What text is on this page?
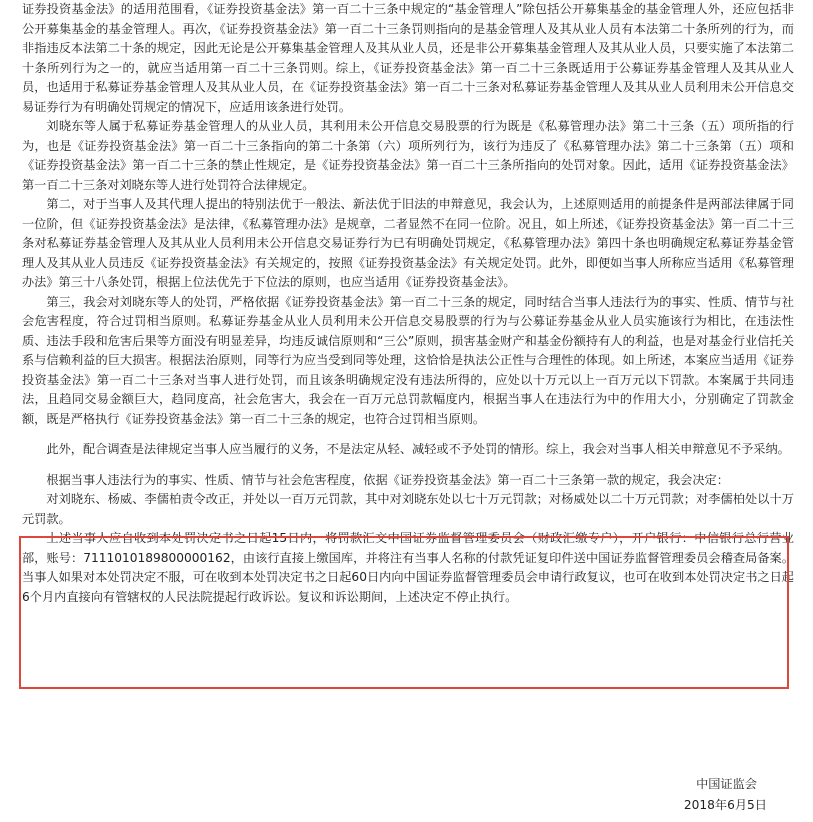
证券投资基金法》的适用范围看，《证券投资基金法》第一百二十三条中规定的“基金管理人”除包括公开募集基金的基金管理人外，还应包括非公开募集基金的基金管理人。再次，《证券投资基金法》第一百二十三条罚则指向的是基金管理人及其从业人员有本法第二十条所列的行为，而非指违反本法第二十条的规定，因此无论是公开募集基金管理人及其从业人员，还是非公开募集基金管理人及其从业人员，只要实施了本法第二十条所列行为之一的，就应当适用第一百二十三条罚则。综上，《证券投资基金法》第一百二十三条既适用于公募证券基金管理人及其从业人员，也适用于私募证券基金管理人及其从业人员，在《证券投资基金法》第一百二十三条对私募证券基金管理人及其从业人员利用未公开信息交易证券行为有明确处罚规定的情况下，应适用该条进行处罚。

刘晓东等人属于私募证券基金管理人的从业人员，其利用未公开信息交易股票的行为既是《私募管理办法》第二十三条（五）项所指的行为，也是《证券投资基金法》第一百二十三条指向的第二十条第（六）项所列行为，该行为违反了《私募管理办法》第二十三条第（五）项和《证券投资基金法》第一百二十三条的禁止性规定，是《证券投资基金法》第一百二十三条所指向的处罚对象。因此，适用《证券投资基金法》第一百二十三条对刘晓东等人进行处罚符合法律规定。

第二，对于当事人及其代理人提出的特别法优于一般法、新法优于旧法的申辩意见，我会认为，上述原则适用的前提条件是两部法律属于同一位阶，但《证券投资基金法》是法律，《私募管理办法》是规章，二者显然不在同一位阶。况且，如上所述，《证券投资基金法》第一百二十三条对私募证券基金管理人及其从业人员利用未公开信息交易证券行为已有明确处罚规定，《私募管理办法》第四十条也明确规定私募证券基金管理人及其从业人员违反《证券投资基金法》有关规定的，按照《证券投资基金法》有关规定处罚。此外，即便如当事人所称应当适用《私募管理办法》第三十八条处罚，根据上位法优先于下位法的原则，也应当适用《证券投资基金法》。

第三，我会对刘晓东等人的处罚，严格依据《证券投资基金法》第一百二十三条的规定，同时结合当事人违法行为的事实、性质、情节与社会危害程度，符合过罚相当原则。私募证券基金从业人员利用未公开信息交易股票的行为与公募证券基金从业人员实施该行为相比，在违法性质、违法手段和危害后果等方面没有明显差异，均违反诚信原则和“三公”原则，损害基金财产和基金份额持有人的利益，也是对基金行业信托关系与信赖利益的巨大损害。根据法治原则，同等行为应当受到同等处理，这恰恰是执法公正性与合理性的体现。如上所述，本案应当适用《证券投资基金法》第一百二十三条对当事人进行处罚，而且该条明确规定没有违法所得的，应处以十万元以上一百万元以下罚款。本案属于共同违法，且趋同交易金额巨大，趋同度高，社会危害大，我会在一百万元总罚款幅度内，根据当事人在违法行为中的作用大小，分别确定了罚款金额，既是严格执行《证券投资基金法》第一百二十三条的规定，也符合过罚相当原则。

此外，配合调查是法律规定当事人应当履行的义务，不是法定从轻、减轻或不予处罚的情形。综上，我会对当事人相关申辩意见不予采纳。

根据当事人违法行为的事实、性质、情节与社会危害程度，依据《证券投资基金法》第一百二十三条第一款的规定，我会决定：

对刘晓东、杨威、李儒柏责令改正，并处以一百万元罚款，其中对刘晓东处以七十万元罚款；对杨威处以二十万元罚款；对李儒柏处以十万元罚款。

上述当事人应自收到本处罚决定书之日起15日内，将罚款汇交中国证券监督管理委员会（财政汇缴专户），开户银行：中信银行总行营业部，账号：7111010189800000162，由该行直接上缴国库，并将注有当事人名称的付款凭证复印件送中国证券监督管理委员会稽查局备案。当事人如果对本处罚决定不服，可在收到本处罚决定书之日起60日内向中国证券监督管理委员会申请行政复议，也可在收到本处罚决定书之日起6个月内直接向有管辖权的人民法院提起行政诉讼。复议和诉讼期间，上述决定不停止执行。

中国证监会
2018年6月5日
